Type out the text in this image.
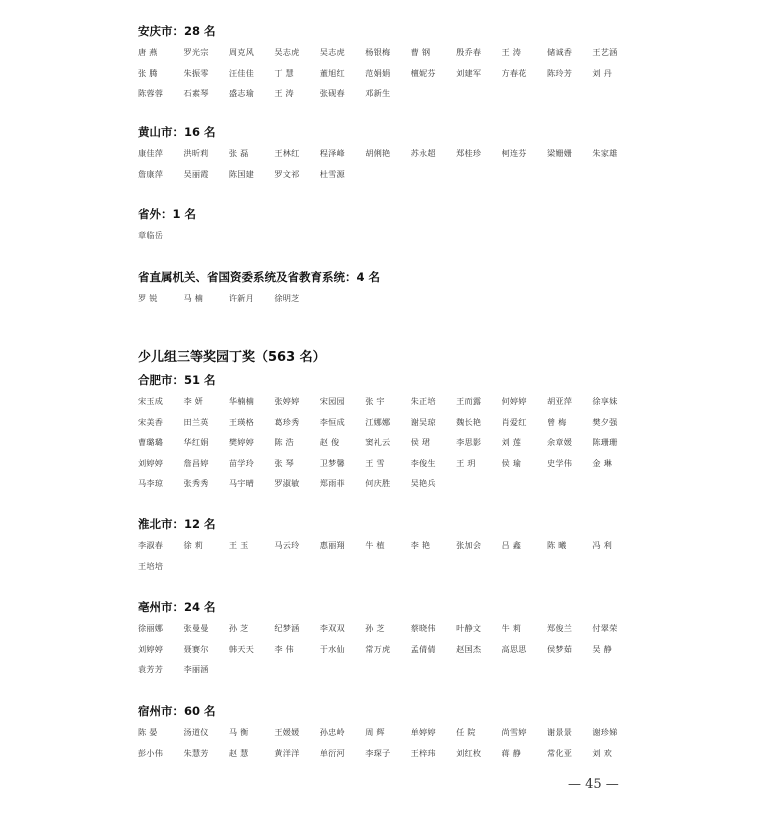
安庆市：28 名
唐 燕	罗光宗	周克风	吴志虎	吴志虎	杨银梅	曹 钢	殷乔春	王 涛	储诚香	王艺涵
张 腾	朱振零	汪佳佳	丁 慧	董旭红	范娟娟	檀妮芬	刘建军	方春花	陈玲芳	刘 丹
陈蓉蓉	石素琴	盛志瑜	王 涛	张砚春	邓新生
黄山市：16 名
康佳萍	洪昕莉	张 磊	王林红	程泽峰	胡俐艳	苏永超	郑桂珍	柯连芬	梁姗姗	朱家雄
詹康萍	吴丽霞	陈国建	罗文祁	杜雪源
省外：1 名
章临岳
省直属机关、省国资委系统及省教育系统：4 名
罗 锐	马 楠	许新月	徐明芝
少儿组三等奖园丁奖（563 名）
合肥市：51 名
宋玉成	李 妍	华楠楠	张婷婷	宋园园	张 宇	朱正培	王而露	何婷婷	胡亚萍	徐享妹
宋美香	田兰英	王瑛格	葛珍秀	李恒成	江娜娜	谢吴琼	魏长艳	肖爱红	曾 梅	樊夕强
曹璐璐	华红娟	樊婷婷	陈 浩	赵 俊	窦礼云	侯 珺	李思影	刘 莲	余章媛	陈珊珊
刘婷婷	詹昌婷	苗学玲	张 琴	卫梦馨	王 雪	李俊生	王 玥	侯 瑜	史学伟	金 琳
马李琼	张秀秀	马宇晴	罗淑敏	郑雨菲	何庆胜	吴艳兵
淮北市：12 名
李淑春	徐 莉	王 玉	马云玲	惠丽翔	牛 植	李 艳	张加会	吕 鑫	陈 曦	冯 利
王培培
亳州市：24 名
徐丽娜	张曼曼	孙 芝	纪梦涵	李双双	孙 芝	蔡晓伟	叶静文	牛 莉	郑俊兰	付翠荣
刘婷婷	聂赛尔	韩天天	李 伟	于水仙	常万虎	孟倩倩	赵国杰	高思思	侯梦茹	吴 静
袁芳芳	李丽涵
宿州市：60 名
陈 晏	汤道仪	马 衡	王媛媛	孙忠岭	周 辉	单婷婷	任 院	尚雪婷	谢景景	谢珍娣
彭小伟	朱慧芳	赵 慧	黄洋洋	单衍河	李琛子	王梓玮	刘红枚	蒋 静	常化亚	刘 欢
— 45 —
